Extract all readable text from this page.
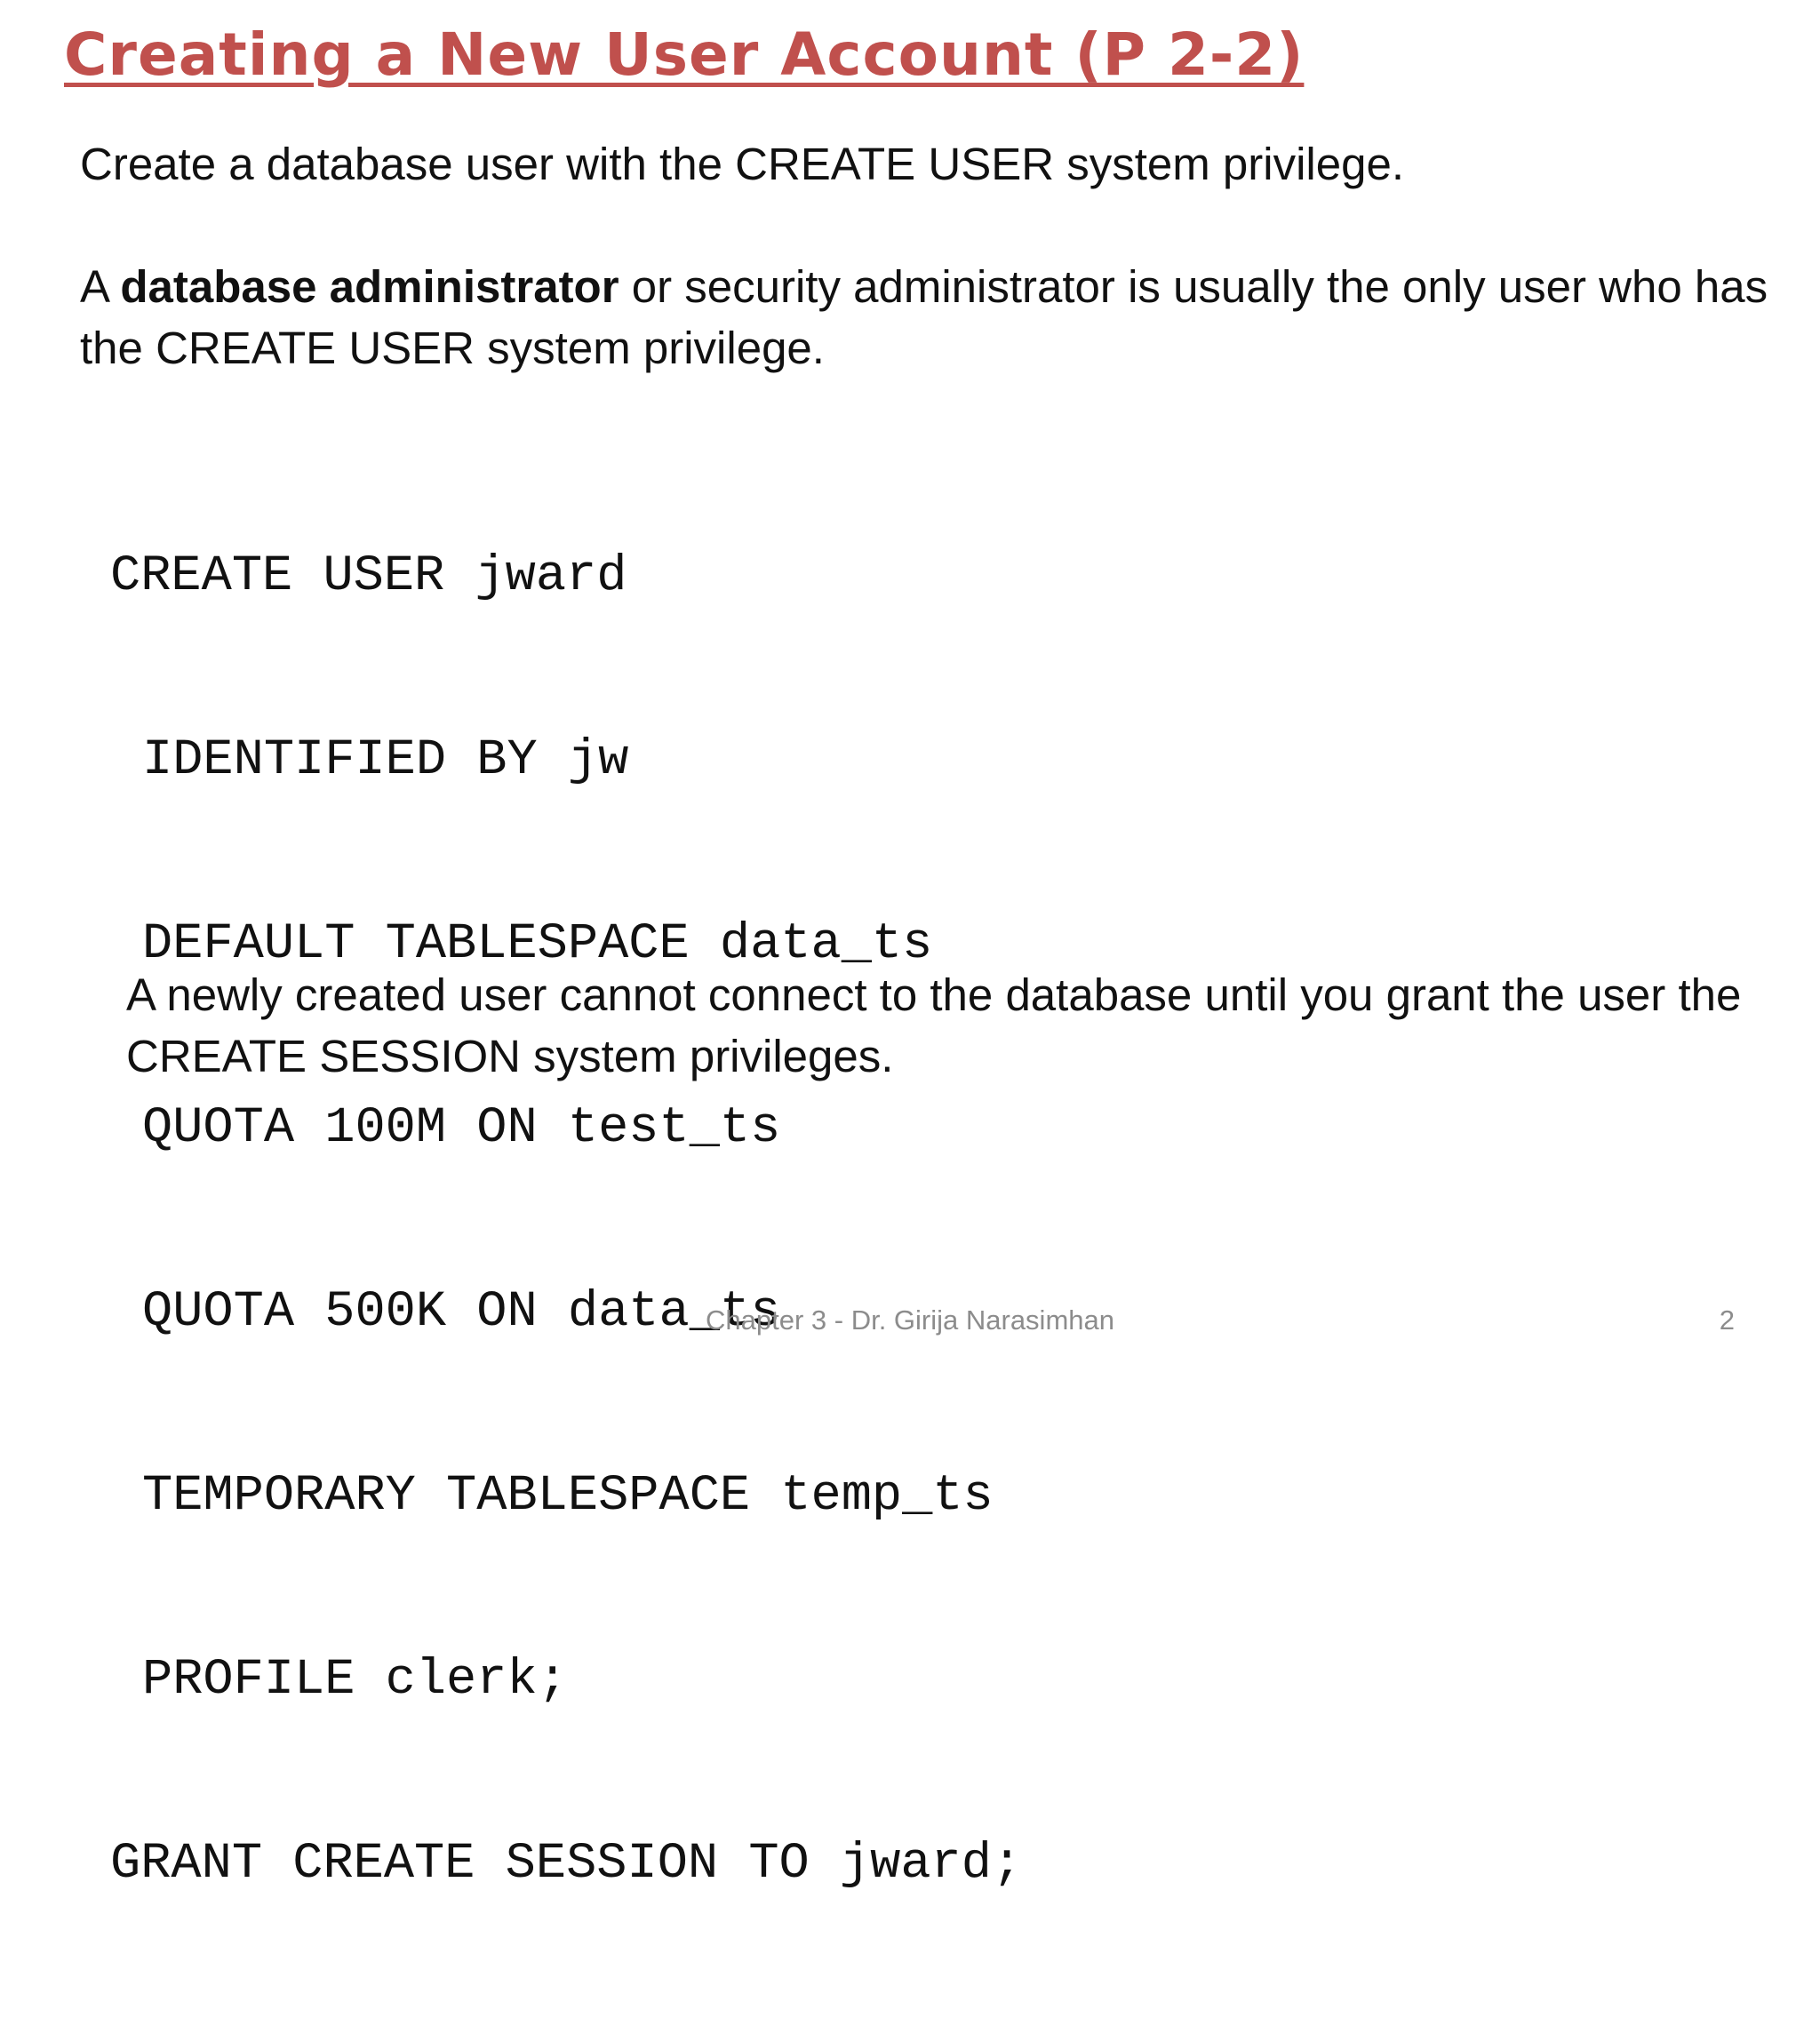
Creating a New User Account (P 2-2)
Create a database user with the CREATE USER system privilege.
A database administrator or security administrator is usually the only user who has the CREATE USER system privilege.

CREATE USER jward

IDENTIFIED BY jw

DEFAULT TABLESPACE data_ts

QUOTA 100M ON test_ts

QUOTA 500K ON data_ts

TEMPORARY TABLESPACE temp_ts

PROFILE clerk;

GRANT CREATE SESSION TO jward;

A newly created user cannot connect to the database until you grant the user the CREATE SESSION system privileges.
Chapter 3 - Dr. Girija Narasimhan	2
